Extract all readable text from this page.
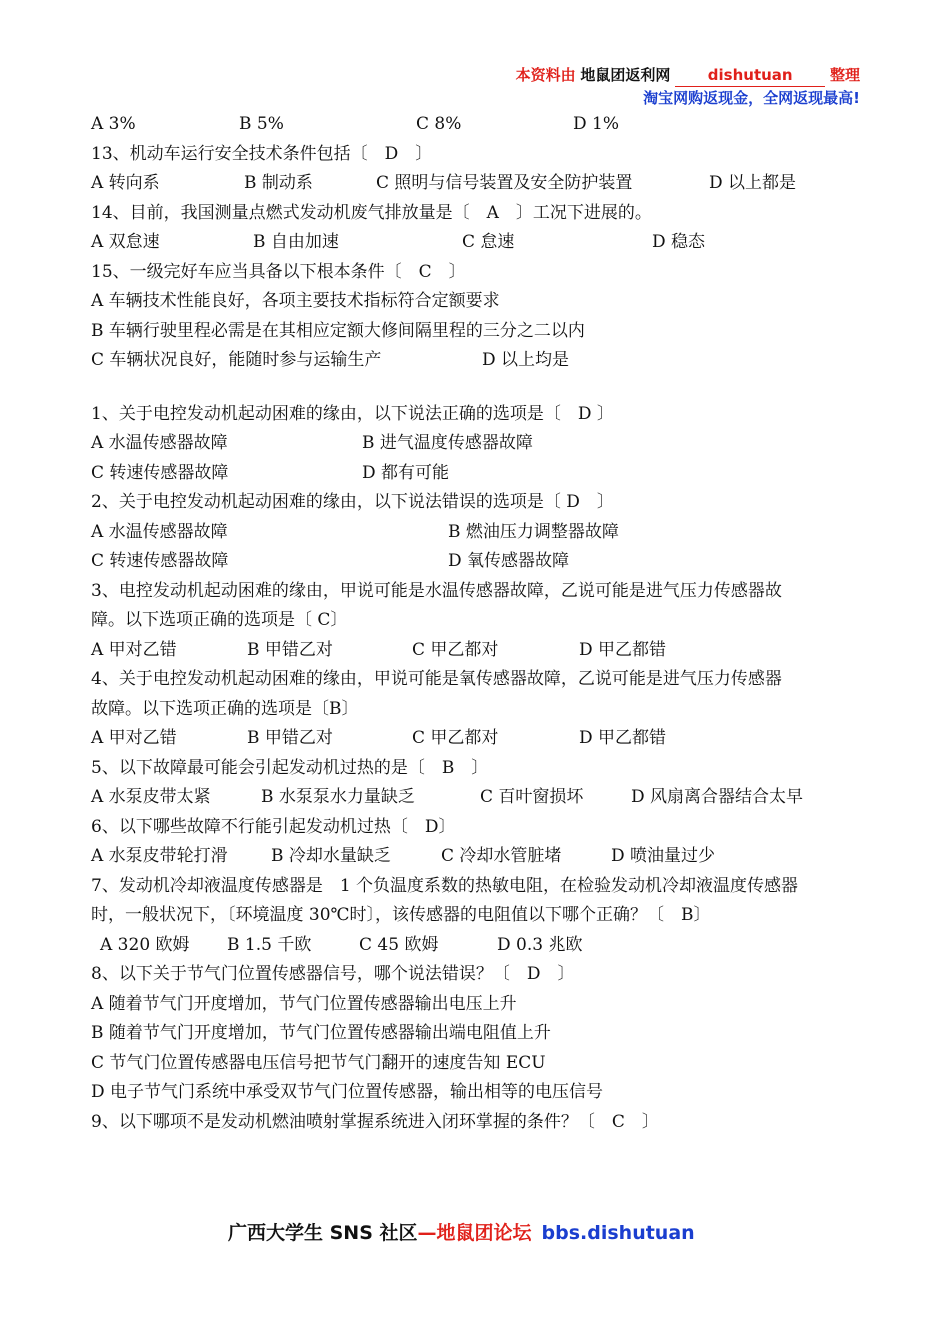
本资料由 地鼠团返利网 dishutuan 整理
淘宝网购返现金，全网返现最高!
A 3%	B 5%	C 8%	D 1%
13、机动车运行安全技术条件包括〔　D　〕
A 转向系	B 制动系	C 照明与信号装置及安全防护装置	D 以上都是
14、目前，我国测量点燃式发动机废气排放量是〔　A　〕工况下进展的。
A 双怠速	B 自由加速	C 怠速	D 稳态
15、一级完好车应当具备以下根本条件〔　C　〕
A 车辆技术性能良好，各项主要技术指标符合定额要求
B 车辆行驶里程必需是在其相应定额大修间隔里程的三分之二以内
C 车辆状况良好，能随时参与运输生产	D 以上均是
1、关于电控发动机起动困难的缘由，以下说法正确的选项是〔　D 〕
A 水温传感器故障	B 进气温度传感器故障
C 转速传感器故障	D 都有可能
2、关于电控发动机起动困难的缘由，以下说法错误的选项是〔 D　〕
A 水温传感器故障	B 燃油压力调整器故障
C 转速传感器故障	D 氧传感器故障
3、电控发动机起动困难的缘由，甲说可能是水温传感器故障，乙说可能是进气压力传感器故
障。以下选项正确的选项是〔 C〕
A 甲对乙错	B 甲错乙对	C 甲乙都对	D 甲乙都错
4、关于电控发动机起动困难的缘由，甲说可能是氧传感器故障，乙说可能是进气压力传感器
故障。以下选项正确的选项是〔B〕
A 甲对乙错	B 甲错乙对	C 甲乙都对	D 甲乙都错
5、以下故障最可能会引起发动机过热的是〔　B　〕
A 水泵皮带太紧	B 水泵泵水力量缺乏	C 百叶窗损坏	D 风扇离合器结合太早
6、以下哪些故障不行能引起发动机过热〔　D〕
A 水泵皮带轮打滑	B 冷却水量缺乏	C 冷却水管脏堵	D 喷油量过少
7、发动机冷却液温度传感器是　1 个负温度系数的热敏电阻，在检验发动机冷却液温度传感器
时，一般状况下，〔环境温度 30℃时〕，该传感器的电阻值以下哪个正确？〔　B〕
A 320 欧姆 B 1.5 千欧	C 45 欧姆	D 0.3 兆欧
8、以下关于节气门位置传感器信号，哪个说法错误？〔　D　〕
A 随着节气门开度增加，节气门位置传感器输出电压上升
B 随着节气门开度增加，节气门位置传感器输出端电阻值上升
C 节气门位置传感器电压信号把节气门翻开的速度告知 ECU
D 电子节气门系统中承受双节气门位置传感器，输出相等的电压信号
9、以下哪项不是发动机燃油喷射掌握系统进入闭环掌握的条件？〔　C　〕
广西大学生 SNS 社区—地鼠团论坛 bbs.dishutuan
